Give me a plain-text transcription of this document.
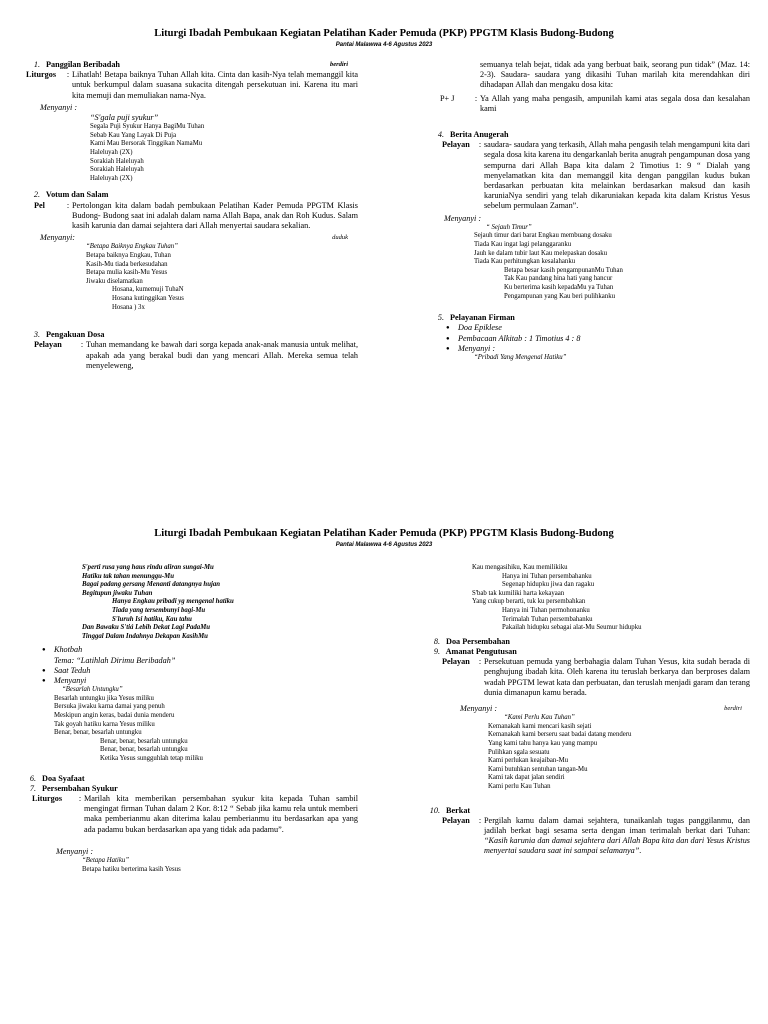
Liturgi Ibadah Pembukaan Kegiatan Pelatihan Kader Pemuda (PKP) PPGTM Klasis Budong-Budong
Pantai Malawwa 4-6 Agustus 2023

1. Panggilan Beribadah	berdiri

Liturgos	: Lihatlah! Betapa baiknya Tuhan Allah kita. Cinta dan kasih-Nya telah memanggil kita untuk berkumpul dalam suasana sukacita ditengah persekutuan ini. Karena itu mari kita memuji dan memuliakan nama-Nya.

Menyanyi :

“S'gala puji syukur”

Segala Puji Syukur Hanya BagiMu Tuhan

Sebab Kau Yang Layak Di Puja

Kami Mau Bersorak Tinggikan NamaMu

Haleluyah (2X)

Sorakiah Haleluyah

Sorakiah Haleluyah

Haleluyah (2X)

2. Votum dan Salam

Pel	: Pertolongan kita dalam badah pembukaan Pelatihan Kader Pemuda PPGTM Klasis Budong- Budong saat ini adalah dalam nama Allah Bapa, anak dan Roh Kudus. Salam kasih karunia dan damai sejahtera dari Allah menyertai saudara sekalian.

Menyanyi:	duduk

“Betapa Baiknya Engkau Tuhan”

Betapa baiknya Engkau, Tuhan

Kasih-Mu tiada berkesudahan

Betapa mulia kasih-Mu Yesus

Jiwaku diselamatkan

Hosana, kumemuji TuhaN

Hosana kutinggikan Yesus

Hosana ) 3x

3. Pengakuan Dosa

Pelayan	: Tuhan memandang ke bawah dari sorga kepada anak-anak manusia untuk melihat, apakah ada yang berakal budi dan yang mencari Allah. Mereka semua telah menyeleweng,

semuanya telah bejat, tidak ada yang berbuat baik, seorang pun tidak” (Maz. 14: 2-3). Saudara- saudara yang dikasihi Tuhan marilah kita merendahkan diri dihadapan Allah dan mengaku dosa kita:

P+ J	: Ya Allah yang maha pengasih, ampunilah kami atas segala dosa dan kesalahan kami

4. Berita Anugerah

Pelayan	: saudara- saudara yang terkasih, Allah maha pengasih telah mengampuni kita dari segala dosa kita karena itu dengarkanlah berita anugrah pengampunan dosa yang sempurna dari Allah Bapa kita dalam 2 Timotius 1: 9 “ Dialah yang menyelamatkan kita dan memanggil kita dengan panggilan kudus bukan berdasarkan perbuatan kita melainkan berdasarkan maksud dan kasih karuniaNya sendiri yang telah dikaruniakan kepada kita dalam Kristus Yesus sebelum permulaan Zaman”.

Menyanyi :

“ Sejauh Timur”

Sejauh timur dari barat Engkau membuang dosaku

Tiada Kau ingat lagi pelanggaranku

Jauh ke dalam tubir laut Kau melepaskan dosaku

Tiada Kau perhitungkan kesalahanku

Betapa besar kasih pengampunanMu Tuhan

Tak Kau pandang hina hati yang hancur

Ku berterima kasih kepadaMu ya Tuhan

Pengampunan yang Kau beri pulihkanku

5. Pelayanan Firman

● Doa Epiklese

● Pembacaan Alkitab : 1 Timotius 4 : 8

● Menyanyi :

“Pribadi Yang Mengenal Hatiku”

Liturgi Ibadah Pembukaan Kegiatan Pelatihan Kader Pemuda (PKP) PPGTM Klasis Budong-Budong
Pantai Malawwa 4-6 Agustus 2023

S'perti rusa yang haus rindu aliran sungai-Mu

Hatiku tak tahan menunggu-Mu

Bagai padang gersang Menanti datangnya hujan

Begitupun jiwaku Tuhan

Hanya Engkau pribadi yg mengenal hatiku

Tiada yang tersembunyi bagi-Mu

S'luruh Isi hatiku, Kau tahu

Dan Bawaku S'tiá Lebih Dekat Lagi PadaMu

Tinggal Dalam Indahnya Dekapan KasihMu

● Khotbah

Tema: “Latihlah Dirimu Beribadah”

● Saat Teduh

● Menyanyi

“Besarlah Untungku”

Besarlah untungku jika Yesus miliku

Bersuka jiwaku karna damai yang penuh

Meskipun angin keras, badai dunia menderu

Tak goyah hatiku karna Yesus miliku

Benar, benar, besarlah untungku

Benar, benar, besarlah untungku

Benar, benar, besarlah untungku

Ketika Yesus sungguhlah tetap miliku

6. Doa Syafaat

7. Persembahan Syukur

Liturgos	: Marilah kita memberikan persembahan syukur kita kepada Tuhan sambil mengingat firman Tuhan dalam 2 Kor. 8:12 “ Sebab jika kamu rela untuk memberi maka pemberianmu akan diterima kalau pemberianmu itu berdasarkan apa yang ada padamu bukan berdasarkan apa yang tidak ada padamu”.

Menyanyi :

“Betapa Hatiku”

Betapa hatiku berterima kasih Yesus

Kau mengasihiku, Kau memilikiku

Hanya ini Tuhan persembahanku

Segenap hidupku jiwa dan ragaku

S'bab tak kumiliki harta kekayaan

Yang cukup berarti, tuk ku persembahkan

Hanya ini Tuhan permohonanku

Terimalah Tuhan persembahanku

Pakailah hidupku sebagai alat-Mu Seumur hidupku

8. Doa Persembahan

9. Amanat Pengutusan

Pelayan	: Persekutuan pemuda yang berbahagia dalam Tuhan Yesus, kita sudah berada di penghujung ibadah kita. Oleh karena itu teruslah berkarya dan berproses dalam wadah PPGTM lewat kata dan perbuatan, dan teruslah menjadi garam dan terang dunia dimanapun kamu berada.

Menyanyi :	berdiri

“Kami Perlu Kau Tuhan”

Kemanakah kami mencari kasih sejati

Kemanakah kami berseru saat badai datang menderu

Yang kami tahu hanya kau yang mampu

Pulihkan sgala sesuatu

Kami perlukan keajaiban-Mu

Kami butuhkan sentuhan tangan-Mu

Kami tak dapat jalan sendiri

Kami perlu Kau Tuhan

10. Berkat

Pelayan	: Pergilah kamu dalam damai sejahtera, tunaikanlah tugas panggilanmu, dan jadilah berkat bagi sesama serta dengan iman terimalah berkat dari Tuhan: “Kasih karunia dan damai sejahtera dari Allah Bapa kita dan dari Yesus Kristus menyertai saudara saat ini sampai selamanya”.
